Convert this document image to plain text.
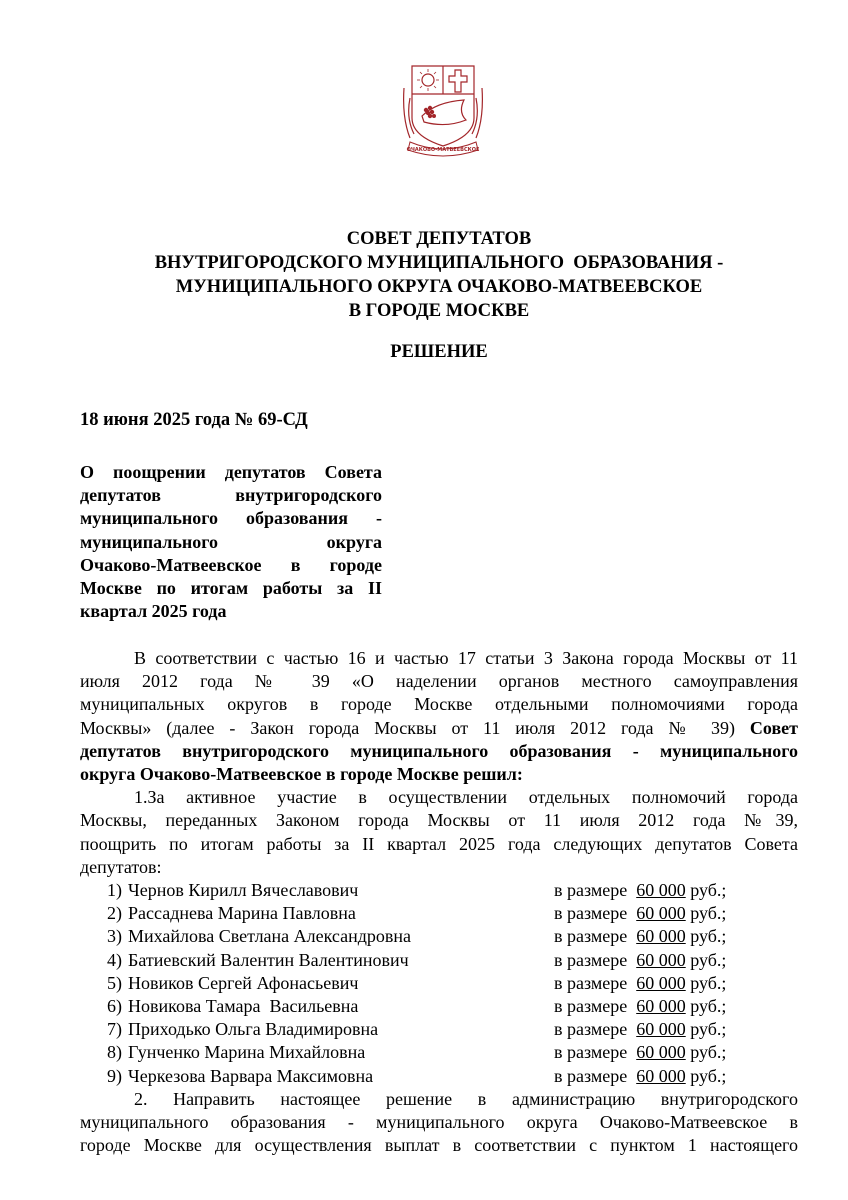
ОЧАКОВО-МАТВЕЕВСКОЕ
СОВЕТ ДЕПУТАТОВ
ВНУТРИГОРОДСКОГО МУНИЦИПАЛЬНОГО  ОБРАЗОВАНИЯ -
МУНИЦИПАЛЬНОГО ОКРУГА ОЧАКОВО-МАТВЕЕВСКОЕ
В ГОРОДЕ МОСКВЕ
РЕШЕНИЕ
18 июня 2025 года № 69-СД
О поощрении депутатов Совета
депутатов внутригородского
муниципального образования -
муниципального округа
Очаково-Матвеевское в городе
Москве по итогам работы за II
квартал 2025 года
В соответствии с частью 16 и частью 17 статьи 3 Закона города Москвы от 11
июля 2012 года № 39 «О наделении органов местного самоуправления
муниципальных округов в городе Москве отдельными полномочиями города
Москвы» (далее - Закон города Москвы от 11 июля 2012 года № 39) Совет
депутатов внутригородского муниципального образования - муниципального
округа Очаково-Матвеевское в городе Москве решил:
1.За активное участие в осуществлении отдельных полномочий города
Москвы, переданных Законом города Москвы от 11 июля 2012 года №39,
поощрить по итогам работы за II квартал 2025 года следующих депутатов Совета
депутатов:
1) Чернов Кирилл Вячеславович	в размере 60 000 руб.;
2) Рассаднева Марина Павловна	в размере 60 000 руб.;
3) Михайлова Светлана Александровна	в размере 60 000 руб.;
4) Батиевский Валентин Валентинович	в размере 60 000 руб.;
5) Новиков Сергей Афонасьевич	в размере 60 000 руб.;
6) Новикова Тамара  Васильевна	в размере 60 000 руб.;
7) Приходько Ольга Владимировна	в размере 60 000 руб.;
8) Гунченко Марина Михайловна	в размере 60 000 руб.;
9) Черкезова Варвара Максимовна	в размере 60 000 руб.;
2. Направить настоящее решение в администрацию внутригородского
муниципального образования - муниципального округа Очаково-Матвеевское в
городе Москве для осуществления выплат в соответствии с пунктом 1 настоящего
